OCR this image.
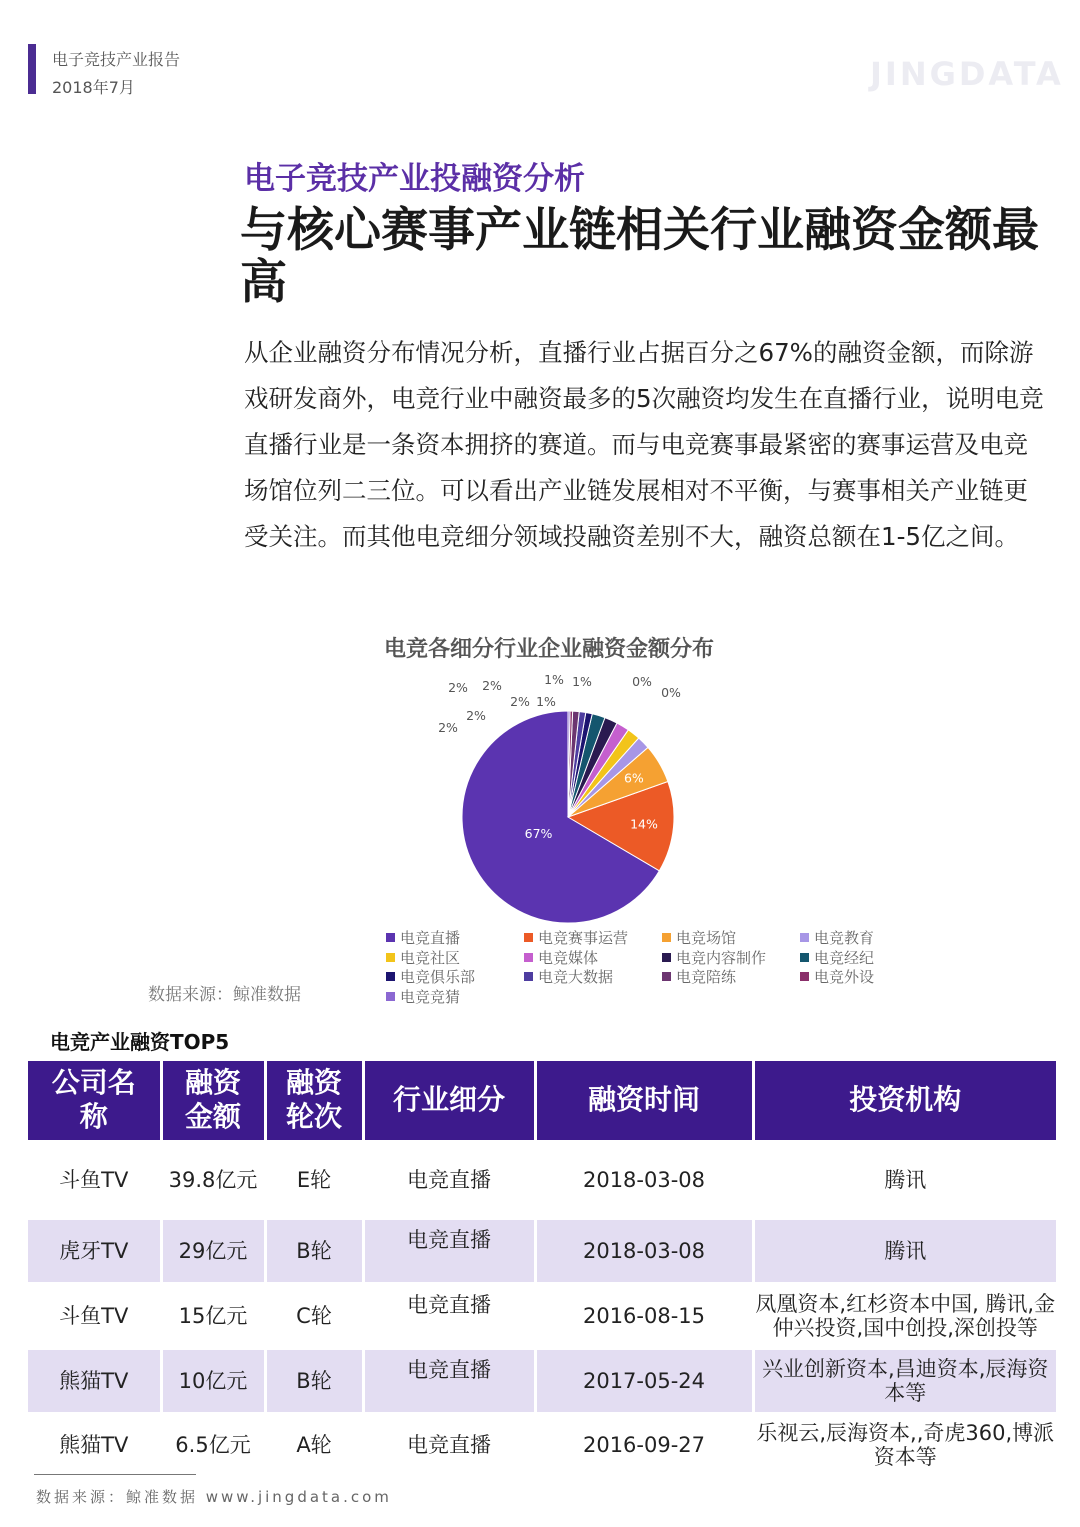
电子竞技产业报告
2018年7月	JINGDATA
电子竞技产业投融资分析
与核心赛事产业链相关行业融资金额最高
从企业融资分布情况分析，直播行业占据百分之67%的融资金额，而除游戏研发商外，电竞行业中融资最多的5次融资均发生在直播行业，说明电竞直播行业是一条资本拥挤的赛道。而与电竞赛事最紧密的赛事运营及电竞场馆位列二三位。可以看出产业链发展相对不平衡，与赛事相关产业链更受关注。而其他电竞细分领域投融资差别不大，融资总额在1-5亿之间。
电竞各细分行业企业融资金额分布
67%
14%
6%
2% 2%
2%
2%
2%
1%
1% 1%	0%
0%
电竞直播	电竞赛事运营	电竞场馆	电竞教育
电竞社区	电竞媒体	电竞内容制作	电竞经纪
电竞俱乐部	电竞大数据	电竞陪练	电竞外设
电竞竞猜
数据来源：鲸准数据
电竞产业融资TOP5
公司名称	融资金额	融资轮次	行业细分	融资时间	投资机构
斗鱼TV	39.8亿元	E轮	电竞直播	2018-03-08	腾讯
虎牙TV	29亿元	B轮	电竞直播	2018-03-08	腾讯
斗鱼TV	15亿元	C轮	电竞直播	2016-08-15	凤凰资本,红杉资本中国, 腾讯,金仲兴投资,国中创投,深创投等
熊猫TV	10亿元	B轮	电竞直播	2017-05-24	兴业创新资本,昌迪资本,辰海资本等
熊猫TV	6.5亿元	A轮	电竞直播	2016-09-27	乐视云,辰海资本,,奇虎360,博派资本等
数据来源：鲸准数据 www.jingdata.com
